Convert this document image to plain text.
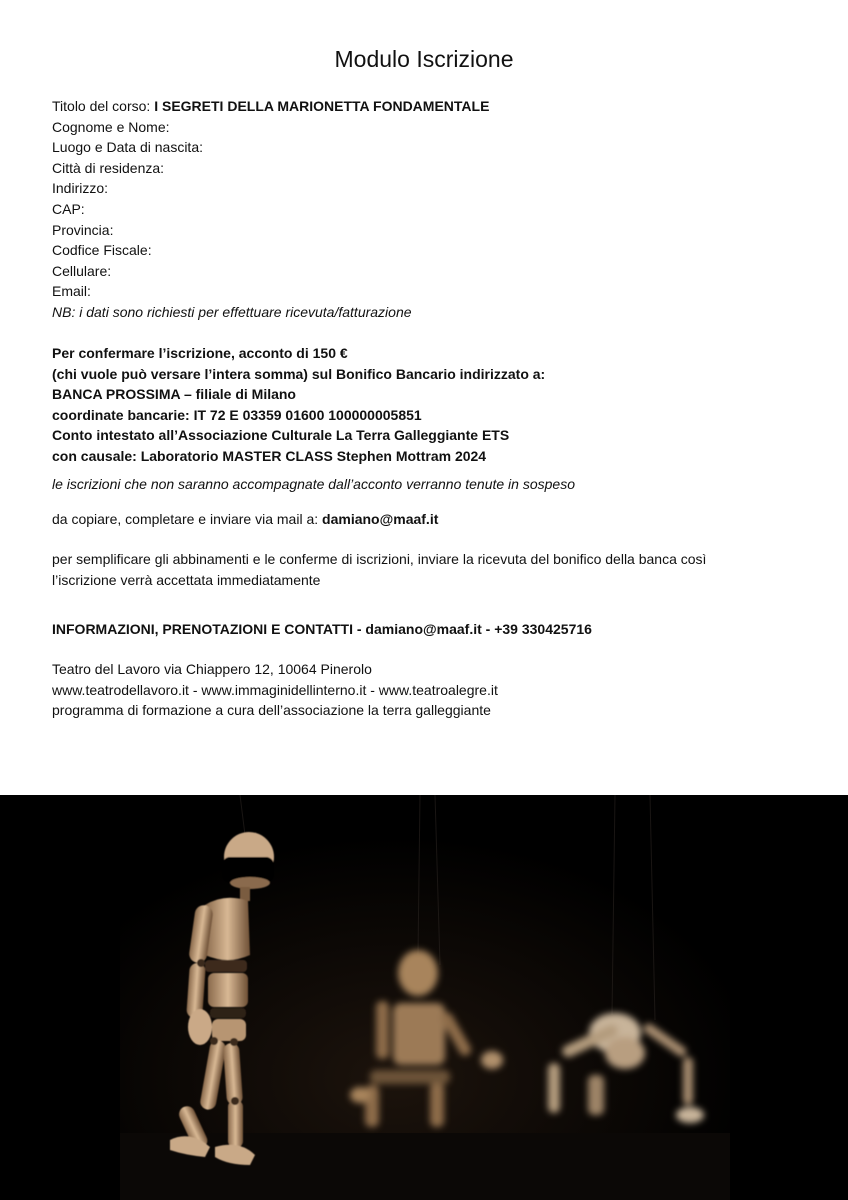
Modulo Iscrizione
Titolo del corso: I SEGRETI DELLA MARIONETTA FONDAMENTALE
Cognome e Nome:
Luogo e Data di nascita:
Città di residenza:
Indirizzo:
CAP:
Provincia:
Codfice Fiscale:
Cellulare:
Email:
NB: i dati sono richiesti per effettuare ricevuta/fatturazione
Per confermare l’iscrizione, acconto di 150 €
(chi vuole può versare l’intera somma) sul Bonifico Bancario indirizzato a:
BANCA PROSSIMA – filiale di Milano
coordinate bancarie: IT 72 E 03359 01600 100000005851
Conto intestato all’Associazione Culturale La Terra Galleggiante ETS
con causale: Laboratorio MASTER CLASS Stephen Mottram 2024
le iscrizioni che non saranno accompagnate dall’acconto verranno tenute in sospeso
da copiare, completare e inviare via mail a: damiano@maaf.it
per semplificare gli abbinamenti e le conferme di iscrizioni, inviare la ricevuta del bonifico della banca così
l’iscrizione verrà accettata immediatamente
INFORMAZIONI, PRENOTAZIONI E CONTATTI - damiano@maaf.it - +39 330425716
Teatro del Lavoro via Chiappero 12, 10064 Pinerolo
www.teatrodellavoro.it - www.immaginidellinterno.it - www.teatroalegre.it
programma di formazione a cura dell’associazione la terra galleggiante
